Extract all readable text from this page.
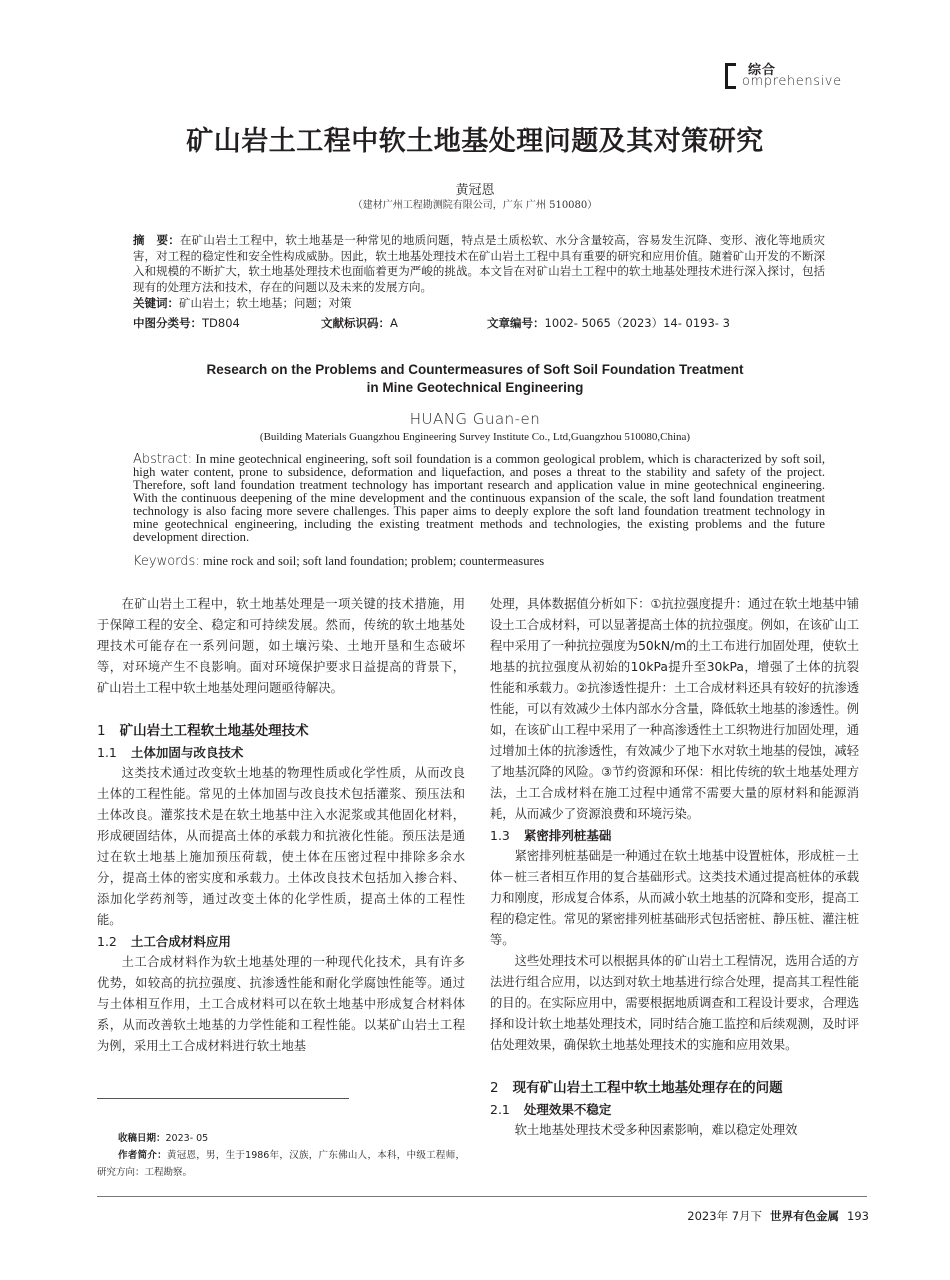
综合
omprehensive
矿山岩土工程中软土地基处理问题及其对策研究
黄冠恩
（建材广州工程勘测院有限公司，广东 广州 510080）
摘　要：在矿山岩土工程中，软土地基是一种常见的地质问题，特点是土质松软、水分含量较高，容易发生沉降、变形、液化等地质灾害，对工程的稳定性和安全性构成威胁。因此，软土地基处理技术在矿山岩土工程中具有重要的研究和应用价值。随着矿山开发的不断深入和规模的不断扩大，软土地基处理技术也面临着更为严峻的挑战。本文旨在对矿山岩土工程中的软土地基处理技术进行深入探讨，包括现有的处理方法和技术，存在的问题以及未来的发展方向。
关键词：矿山岩土；软土地基；问题；对策
中图分类号：TD804	文献标识码：A	文章编号：1002- 5065（2023）14- 0193- 3
Research on the Problems and Countermeasures of Soft Soil Foundation Treatment
in Mine Geotechnical Engineering
HUANG Guan-en
(Building Materials Guangzhou Engineering Survey Institute Co., Ltd,Guangzhou 510080,China)
Abstract: In mine geotechnical engineering, soft soil foundation is a common geological problem, which is characterized by soft soil, high water content, prone to subsidence, deformation and liquefaction, and poses a threat to the stability and safety of the project. Therefore, soft land foundation treatment technology has important research and application value in mine geotechnical engineering. With the continuous deepening of the mine development and the continuous expansion of the scale, the soft land foundation treatment technology is also facing more severe challenges. This paper aims to deeply explore the soft land foundation treatment technology in mine geotechnical engineering, including the existing treatment methods and technologies, the existing problems and the future development direction.
Keywords: mine rock and soil; soft land foundation; problem; countermeasures

在矿山岩土工程中，软土地基处理是一项关键的技术措施，用于保障工程的安全、稳定和可持续发展。然而，传统的软土地基处理技术可能存在一系列问题，如土壤污染、土地开垦和生态破坏等，对环境产生不良影响。面对环境保护要求日益提高的背景下，矿山岩土工程中软土地基处理问题亟待解决。

1 矿山岩土工程软土地基处理技术
1.1 土体加固与改良技术

这类技术通过改变软土地基的物理性质或化学性质，从而改良土体的工程性能。常见的土体加固与改良技术包括灌浆、预压法和土体改良。灌浆技术是在软土地基中注入水泥浆或其他固化材料，形成硬固结体，从而提高土体的承载力和抗液化性能。预压法是通过在软土地基上施加预压荷载，使土体在压密过程中排除多余水分，提高土体的密实度和承载力。土体改良技术包括加入掺合料、添加化学药剂等，通过改变土体的化学性质，提高土体的工程性能。

1.2 土工合成材料应用

土工合成材料作为软土地基处理的一种现代化技术，具有许多优势，如较高的抗拉强度、抗渗透性能和耐化学腐蚀性能等。通过与土体相互作用，土工合成材料可以在软土地基中形成复合材料体系，从而改善软土地基的力学性能和工程性能。以某矿山岩土工程为例，采用土工合成材料进行软土地基

处理，具体数据值分析如下：①抗拉强度提升：通过在软土地基中铺设土工合成材料，可以显著提高土体的抗拉强度。例如，在该矿山工程中采用了一种抗拉强度为50kN/m的土工布进行加固处理，使软土地基的抗拉强度从初始的10kPa提升至30kPa，增强了土体的抗裂性能和承载力。②抗渗透性提升：土工合成材料还具有较好的抗渗透性能，可以有效减少土体内部水分含量，降低软土地基的渗透性。例如，在该矿山工程中采用了一种高渗透性土工织物进行加固处理，通过增加土体的抗渗透性，有效减少了地下水对软土地基的侵蚀，减轻了地基沉降的风险。③节约资源和环保：相比传统的软土地基处理方法，土工合成材料在施工过程中通常不需要大量的原材料和能源消耗，从而减少了资源浪费和环境污染。

1.3 紧密排列桩基础

紧密排列桩基础是一种通过在软土地基中设置桩体，形成桩－土体－桩三者相互作用的复合基础形式。这类技术通过提高桩体的承载力和刚度，形成复合体系，从而减小软土地基的沉降和变形，提高工程的稳定性。常见的紧密排列桩基础形式包括密桩、静压桩、灌注桩等。

这些处理技术可以根据具体的矿山岩土工程情况，选用合适的方法进行组合应用，以达到对软土地基进行综合处理，提高其工程性能的目的。在实际应用中，需要根据地质调查和工程设计要求，合理选择和设计软土地基处理技术，同时结合施工监控和后续观测，及时评估处理效果，确保软土地基处理技术的实施和应用效果。

2 现有矿山岩土工程中软土地基处理存在的问题
2.1 处理效果不稳定

软土地基处理技术受多种因素影响，难以稳定处理效

收稿日期：2023- 05
作者简介：黄冠恩，男，生于1986年，汉族，广东佛山人，本科，中级工程师，研究方向：工程勘察。
2023年 7月下 世界有色金属 193
